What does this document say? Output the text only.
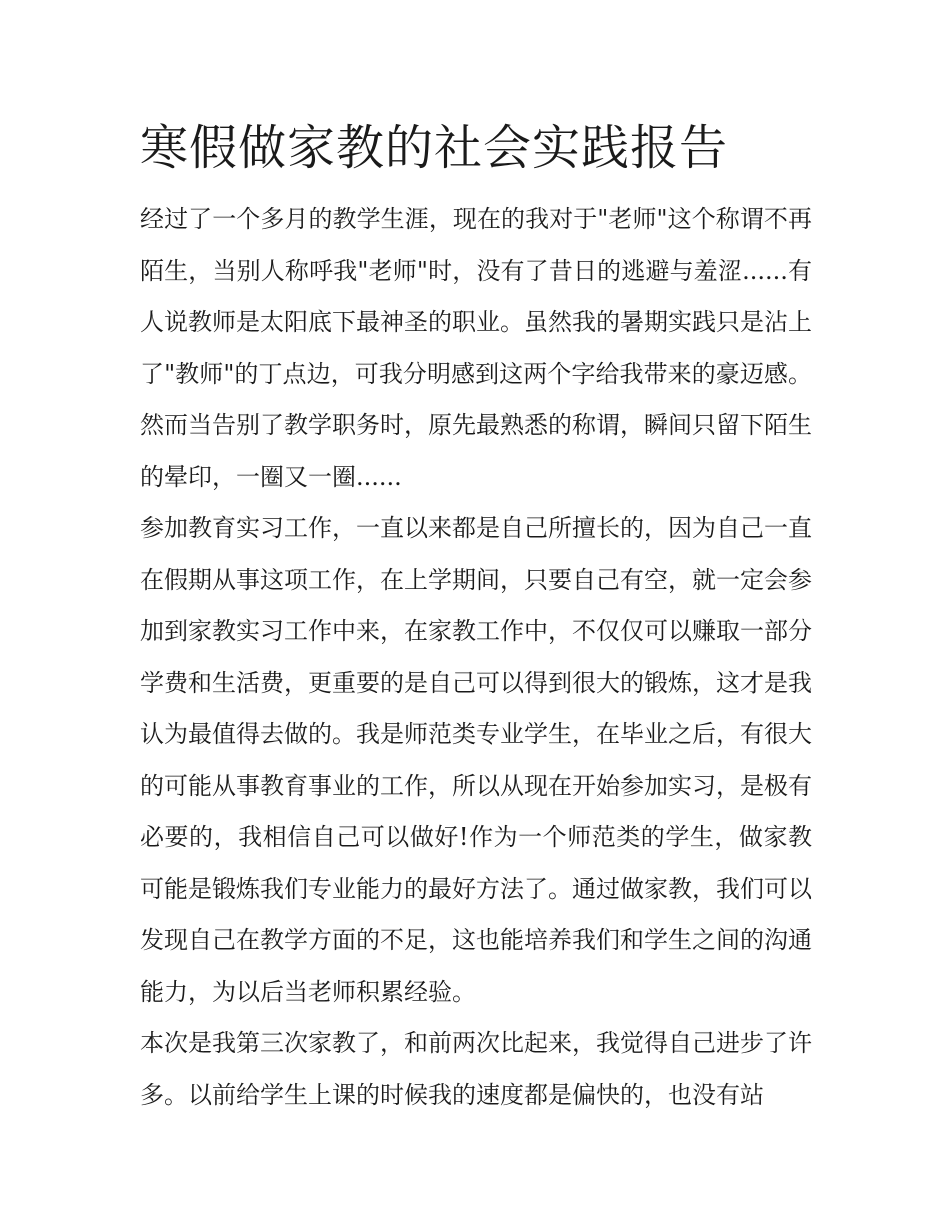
寒假做家教的社会实践报告

经过了一个多月的教学生涯，现在的我对于"老师"这个称谓不再陌生，当别人称呼我"老师"时，没有了昔日的逃避与羞涩......有人说教师是太阳底下最神圣的职业。虽然我的暑期实践只是沾上了"教师"的丁点边，可我分明感到这两个字给我带来的豪迈感。然而当告别了教学职务时，原先最熟悉的称谓，瞬间只留下陌生的晕印，一圈又一圈......

参加教育实习工作，一直以来都是自己所擅长的，因为自己一直在假期从事这项工作，在上学期间，只要自己有空，就一定会参加到家教实习工作中来，在家教工作中，不仅仅可以赚取一部分学费和生活费，更重要的是自己可以得到很大的锻炼，这才是我认为最值得去做的。我是师范类专业学生，在毕业之后，有很大的可能从事教育事业的工作，所以从现在开始参加实习，是极有必要的，我相信自己可以做好!作为一个师范类的学生，做家教可能是锻炼我们专业能力的最好方法了。通过做家教，我们可以发现自己在教学方面的不足，这也能培养我们和学生之间的沟通能力，为以后当老师积累经验。

本次是我第三次家教了，和前两次比起来，我觉得自己进步了许多。以前给学生上课的时候我的速度都是偏快的，也没有站
